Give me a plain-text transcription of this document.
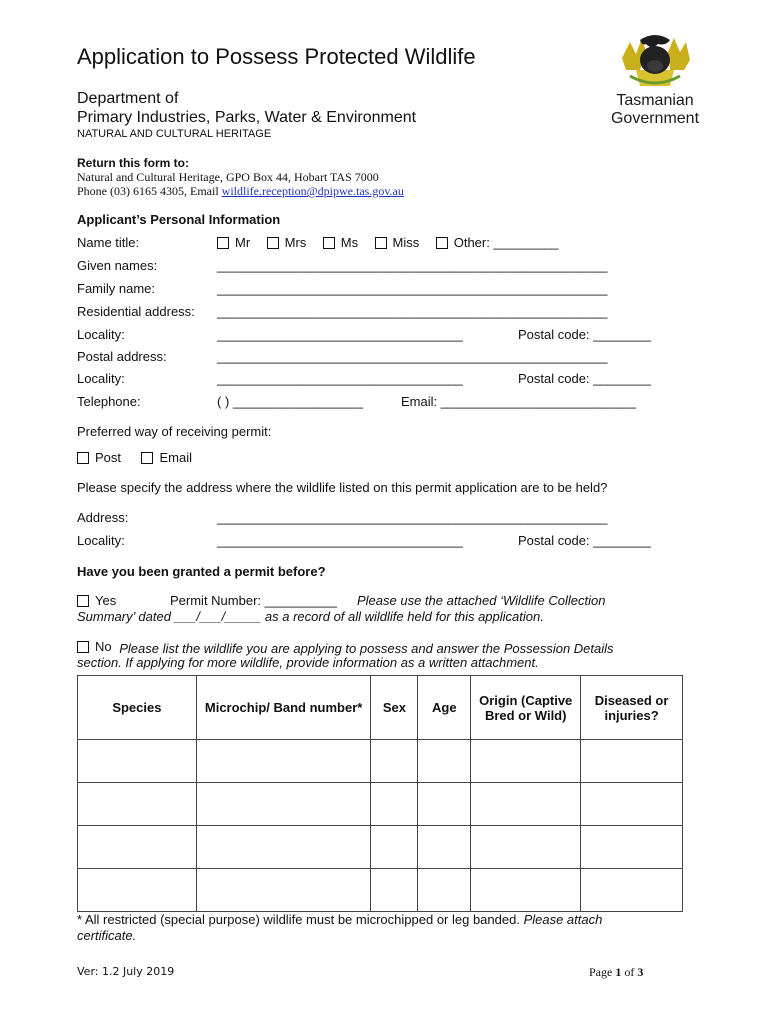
Application to Possess Protected Wildlife
Department of
Primary Industries, Parks, Water & Environment
NATURAL AND CULTURAL HERITAGE
Tasmanian
Government
Return this form to:
Natural and Cultural Heritage, GPO Box 44, Hobart TAS 7000
Phone (03) 6165 4305, Email wildlife.reception@dpipwe.tas.gov.au
Applicant’s Personal Information
Name title:	Mr
	Mrs
	Ms
	Miss
	Other: _________
Given names:	______________________________________________________
Family name:	______________________________________________________
Residential address: ______________________________________________________
Locality:	__________________________________	Postal code: ________
Postal address:	______________________________________________________
Locality:	__________________________________	Postal code: ________
Telephone:	( ) __________________	Email: ___________________________
Preferred way of receiving permit:
Post
	Email
Please specify the address where the wildlife listed on this permit application are to be held?
Address:	______________________________________________________
Locality:	__________________________________	Postal code: ________
Have you been granted a permit before?
Yes	Permit Number: __________ Please use the attached ‘Wildlife Collection
Summary’ dated ___/___/_____ as a record of all wildlife held for this application.
No Please list the wildlife you are applying to possess and answer the Possession Details
section. If applying for more wildlife, provide information as a written attachment.
Species	Microchip/ Band number*	Sex	Age	Origin (Captive Bred or Wild)	Diseased or injuries?

* All restricted (special purpose) wildlife must be microchipped or leg banded. Please attach
certificate.
Ver: 1.2 July 2019	Page 1 of 3
